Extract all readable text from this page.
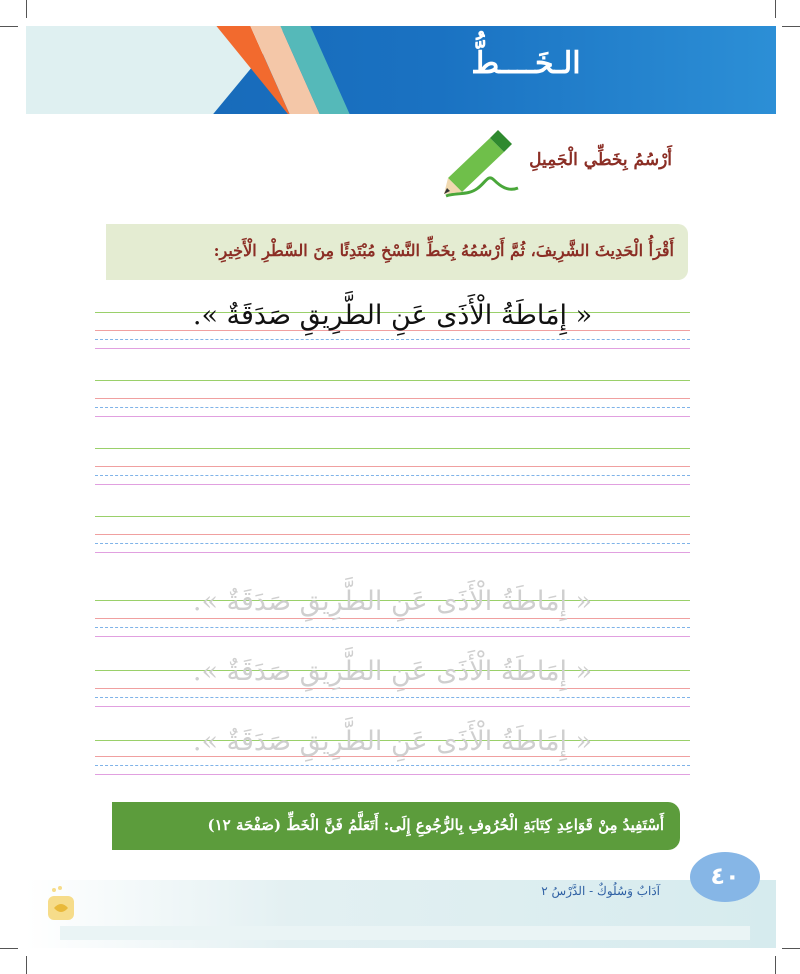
الـخَــــطُّ
أَرْسُمُ بِخَطِّي الْجَمِيلِ
أَقْرَأُ الْحَدِيثَ الشَّرِيفَ، ثُمَّ أَرْسُمُهُ بِخَطِّ النَّسْخِ مُبْتَدِئًا مِنَ السَّطْرِ الْأَخِيرِ:
« إِمَاطَةُ الْأَذَى عَنِ الطَّرِيقِ صَدَقَةٌ ».
« إِمَاطَةُ الْأَذَى عَنِ الطَّرِيقِ صَدَقَةٌ ».
« إِمَاطَةُ الْأَذَى عَنِ الطَّرِيقِ صَدَقَةٌ ».
« إِمَاطَةُ الْأَذَى عَنِ الطَّرِيقِ صَدَقَةٌ ».
أَسْتَفِيدُ مِنْ قَوَاعِدِ كِتَابَةِ الْحُرُوفِ بِالرُّجُوعِ إِلَى: أَتَعَلَّمُ فَنَّ الْخَطِّ (صَفْحَة ١٢)
٤٠
آدَابٌ وَسُلُوكٌ - الدَّرْسُ ٢
